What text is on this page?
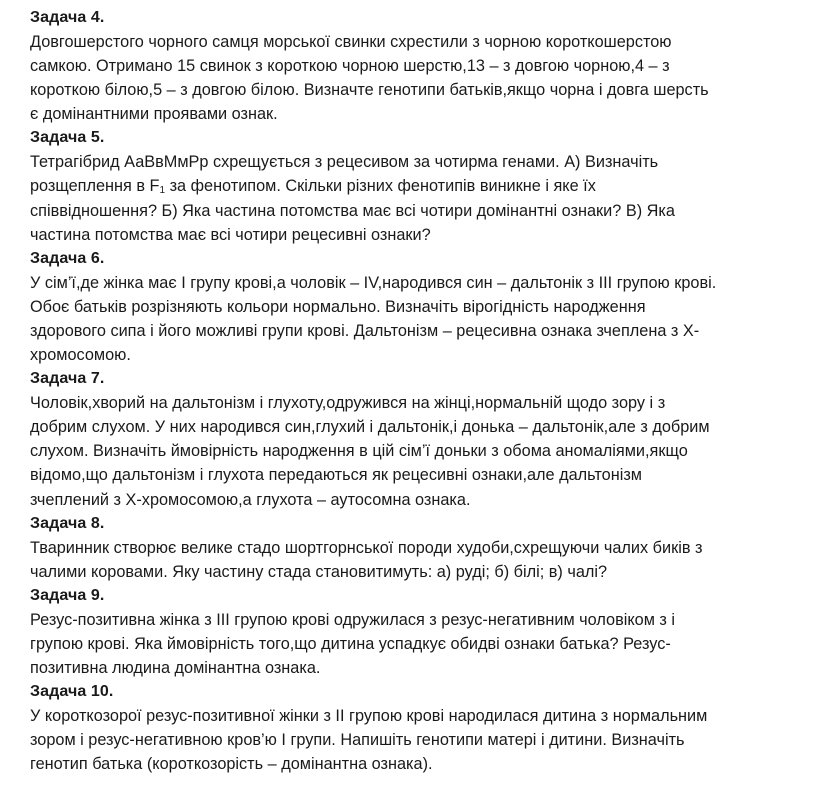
Задача 4.
Довгошерстого чорного самця морської свинки схрестили з чорною короткошерстою
самкою. Отримано 15 свинок з короткою чорною шерстю,13 – з довгою чорною,4 – з
короткою білою,5 – з довгою білою. Визначте генотипи батьків,якщо чорна і довга шерсть
є домінантними проявами ознак.
Задача 5.
Тетрагібрид АаВвМмРр схрещується з рецесивом за чотирма генами. А) Визначіть
розщеплення в $F_1$ за фенотипом. Скільки різних фенотипів виникне і яке їх
співвідношення? Б) Яка частина потомства має всі чотири домінантні ознаки? В) Яка
частина потомства має всі чотири рецесивні ознаки?
Задача 6.
У сім’ї,де жінка має І групу крові,а чоловік – IV,народився син – дальтонік з III групою крові.
Обоє батьків розрізняють кольори нормально. Визначіть вірогідність народження
здорового сипа і його можливі групи крові. Дальтонізм – рецесивна ознака зчеплена з Х-
хромосомою.
Задача 7.
Чоловік,хворий на дальтонізм і глухоту,одружився на жінці,нормальній щодо зору і з
добрим слухом. У них народився син,глухий і дальтонік,і донька – дальтонік,але з добрим
слухом. Визначіть ймовірність народження в цій сім’ї доньки з обома аномаліями,якщо
відомо,що дальтонізм і глухота передаються як рецесивні ознаки,але дальтонізм
зчеплений з Х-хромосомою,а глухота – аутосомна ознака.
Задача 8.
Тваринник створює велике стадо шортгорнської породи худоби,схрещуючи чалих биків з
чалими коровами. Яку частину стада становитимуть: а) руді; б) білі; в) чалі?
Задача 9.
Резус-позитивна жінка з III групою крові одружилася з резус-негативним чоловіком з і
групою крові. Яка ймовірність того,що дитина успадкує обидві ознаки батька? Резус-
позитивна людина домінантна ознака.
Задача 10.
У короткозорої резус-позитивної жінки з II групою крові народилася дитина з нормальним
зором і резус-негативною кров’ю І групи. Напишіть генотипи матері і дитини. Визначіть
генотип батька (короткозорість – домінантна ознака).
